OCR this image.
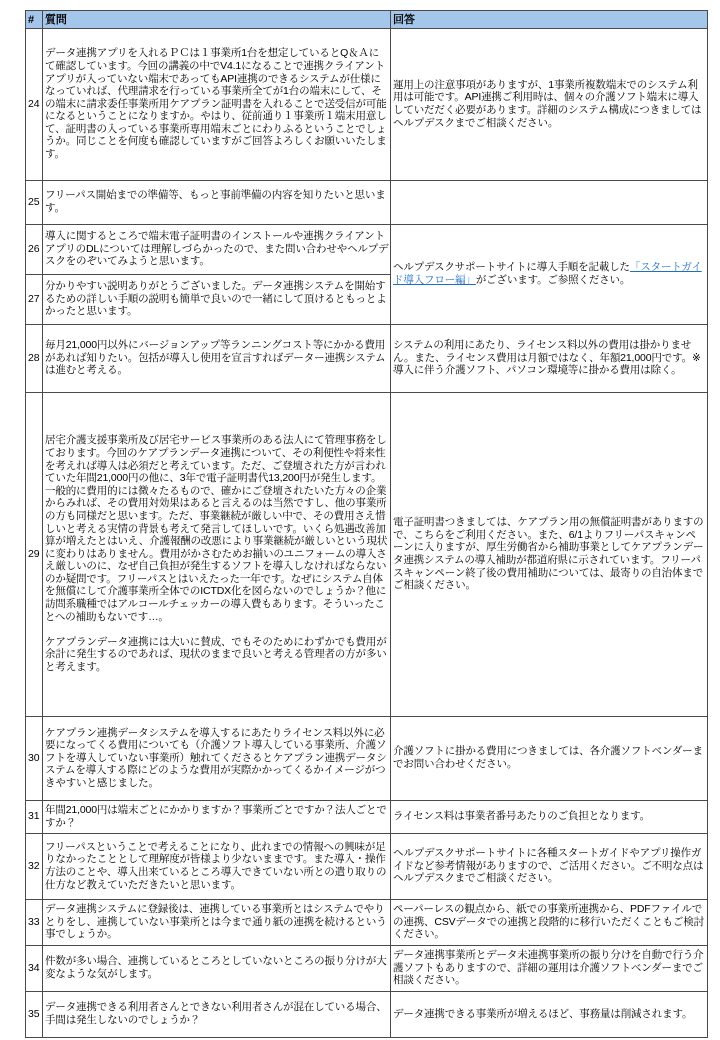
#	質問	回答
24	データ連携アプリを入れるＰＣは１事業所1台を想定しているとQ＆Ａにて確認しています。今回の講義の中でV4.1になることで連携クライアントアプリが入っていない端末であってもAPI連携のできるシステムが仕様になっていれば、代理請求を行っている事業所全てが1台の端末にして、その端末に請求委任事業所用ケアプラン証明書を入れることで送受信が可能になるということになりますか。やはり、従前通り１事業所１端末用意して、証明書の入っている事業所専用端末ごとにわりふるということでしょうか。同じことを何度も確認していますがご回答よろしくお願いいたします。	運用上の注意事項がありますが、1事業所複数端末でのシステム利用は可能です。API連携ご利用時は、個々の介護ソフト端末に導入していだだく必要があります。詳細のシステム構成につきましてはヘルプデスクまでご相談ください。
25	フリーパス開始までの準備等、もっと事前準備の内容を知りたいと思います。	
26	導入に関するところで端末電子証明書のインストールや連携クライアントアプリのDLについては理解しづらかったので、また問い合わせやヘルプデスクをのぞいてみようと思います。	ヘルプデスクサポートサイトに導入手順を記載した「スタートガイド導入フロー編」がございます。ご参照ください。
27	分かりやすい説明ありがとうございました。データ連携システムを開始するための詳しい手順の説明も簡単で良いので一緒にして頂けるともっとよかったと思います。	
28	毎月21,000円以外にバージョンアップ等ランニングコスト等にかかる費用があれば知りたい。包括が導入し使用を宣言すればデーター連携システムは進むと考える。	システムの利用にあたり、ライセンス料以外の費用は掛かりません。また、ライセンス費用は月額ではなく、年額21,000円です。※導入に伴う介護ソフト、パソコン環境等に掛かる費用は除く。
29	居宅介護支援事業所及び居宅サービス事業所のある法人にて管理事務をしております。今回のケアプランデータ連携について、その利便性や将来性を考えれば導入は必須だと考えています。ただ、ご登壇された方が言われていた年間21,000円の他に、3年で電子証明書代13,200円が発生します。一般的に費用的には微々たるもので、確かにご登壇されたいた方々の企業からみれば、その費用対効果はあると言えるのは当然ですし、他の事業所の方も同様だと思います。ただ、事業継続が厳しい中で、その費用さえ惜しいと考える実情の背景も考えて発言してほしいです。いくら処遇改善加算が増えたとはいえ、介護報酬の改悪により事業継続が厳しいという現状に変わりはありません。費用がかさむためお揃いのユニフォームの導入さえ厳しいのに、なぜ自己負担が発生するソフトを導入しなければならないのか疑問です。フリーパスとはいえたった一年です。なぜにシステム自体を無償にして介護事業所全体でのICTDX化を図らないのでしょうか？他に訪問系職種ではアルコールチェッカーの導入費もあります。そういったことへの補助もないです…。
ケアプランデータ連携には大いに賛成、でもそのためにわずかでも費用が余計に発生するのであれば、現状のままで良いと考える管理者の方が多いと考えます。	電子証明書つきましては、ケアプラン用の無償証明書がありますので、こちらをご利用ください。また、6/1よりフリーパスキャンペーンに入りますが、厚生労働省から補助事業としてケアプランデータ連携システムの導入補助が都道府県に示されています。フリーパスキャンペーン終了後の費用補助については、最寄りの自治体までご相談ください。
30	ケアプラン連携データシステムを導入するにあたりライセンス料以外に必要になってくる費用についても（介護ソフト導入している事業所、介護ソフトを導入していない事業所）触れてくださるとケアプラン連携データシステムを導入する際にどのような費用が実際かかってくるかイメージがつきやすいと感じました。	介護ソフトに掛かる費用につきましては、各介護ソフトベンダーまでお問い合わせください。
31	年間21,000円は端末ごとにかかりますか？事業所ごとですか？法人ごとですか？	ライセンス料は事業者番号あたりのご負担となります。
32	フリーパスということで考えることになり、此れまでの情報への興味が足りなかったこととして理解度が皆様より少ないままです。また導入・操作方法のことや、導入出来ているところ導入できていない所との遣り取りの仕方など教えていただきたいと思います。	ヘルプデスクサポートサイトに各種スタートガイドやアプリ操作ガイドなど参考情報がありますので、ご活用ください。ご不明な点はヘルプデスクまでご相談ください。
33	データ連携システムに登録後は、連携している事業所とはシステムでやりとりをし、連携していない事業所とは今まで通り紙の連携を続けるという事でしょうか。	ペーパーレスの観点から、紙での事業所連携から、PDFファイルでの連携、CSVデータでの連携と段階的に移行いただくこともご検討ください。
34	件数が多い場合、連携しているところとしていないところの振り分けが大変なような気がします。	データ連携事業所とデータ未連携事業所の振り分けを自動で行う介護ソフトもありますので、詳細の運用は介護ソフトベンダーまでご相談ください。
35	データ連携できる利用者さんとできない利用者さんが混在している場合、手間は発生しないのでしょうか？	データ連携できる事業所が増えるほど、事務量は削減されます。
